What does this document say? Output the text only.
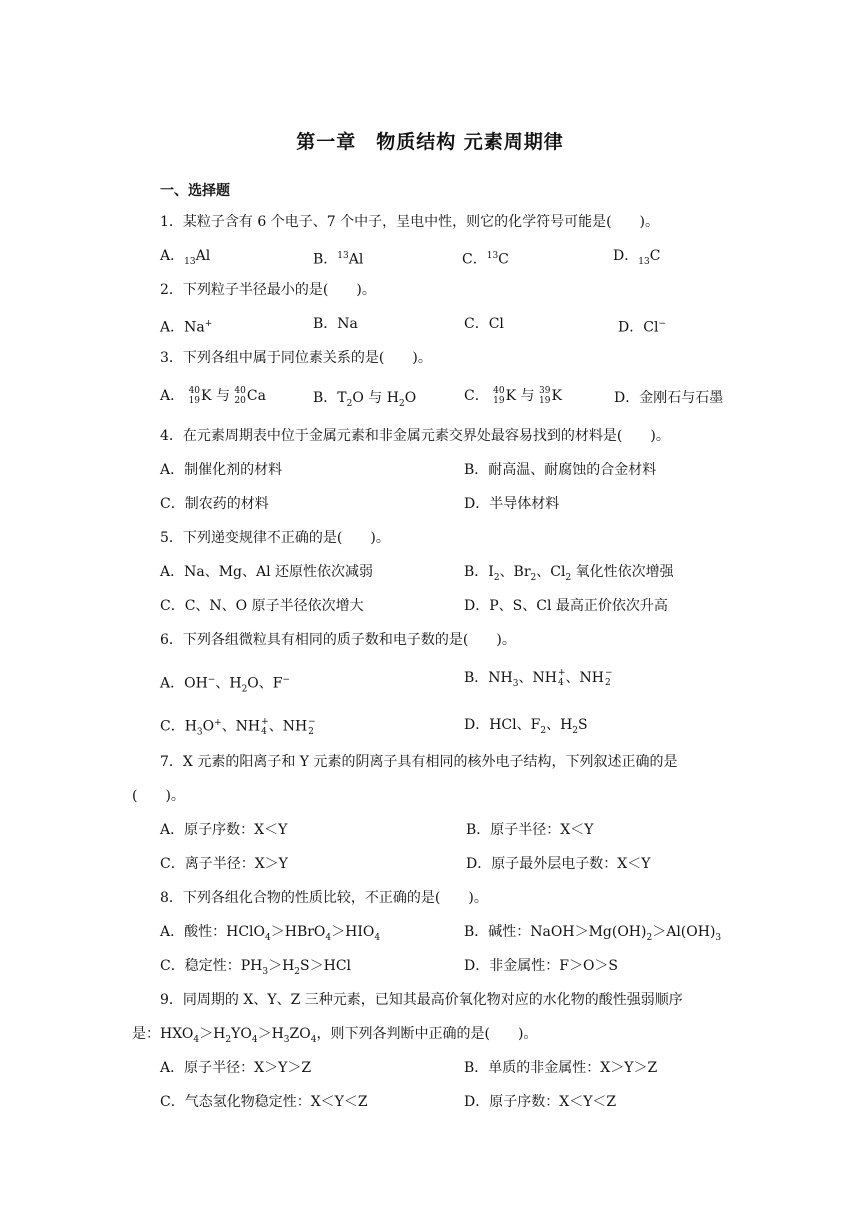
第一章　物质结构 元素周期律
一、选择题
1．某粒子含有 6 个电子、7 个中子，呈电中性，则它的化学符号可能是(　　)。
A．$_{13}$Al	B．$^{13}$Al	C．$^{13}$C	D．$_{13}$C
2．下列粒子半径最小的是(　　)。
A．Na+	B．Na	C．Cl	D．Cl−
3．下列各组中属于同位素关系的是(　　)。
A． 40
19 K 与 40
20 Ca	B．$T_2O$ 与 $H_2O$	C． 40
19 K 与 39
19 K	D．金刚石与石墨
4．在元素周期表中位于金属元素和非金属元素交界处最容易找到的材料是(　　)。
A．制催化剂的材料	B．耐高温、耐腐蚀的合金材料
C．制农药的材料	D．半导体材料
5．下列递变规律不正确的是(　　)。
A．Na、Mg、Al 还原性依次减弱	B．$I_2$、$Br_2$、$Cl_2$ 氧化性依次增强
C．C、N、O 原子半径依次增大	D．P、S、Cl 最高正价依次升高
6．下列各组微粒具有相同的质子数和电子数的是(　　)。
A．OH−、$H_2O$、F−	B．$NH_3$、NH +
4 、NH −
2
C．$H_3O^+$、NH +
4 、NH −
2	D．HCl、$F_2$、$H_2S$
7．X 元素的阳离子和 Y 元素的阴离子具有相同的核外电子结构，下列叙述正确的是
(　　)。
A．原子序数：X＜Y	B．原子半径：X＜Y
C．离子半径：X＞Y	D．原子最外层电子数：X＜Y
8．下列各组化合物的性质比较，不正确的是(　　)。
A．酸性：$HClO_4>HBrO_4>HIO_4$	B．碱性：$NaOH>Mg(OH)_2>Al(OH)_3$
C．稳定性：$PH_3>H_2S>HCl$	D．非金属性：F＞O＞S
9．同周期的 X、Y、Z 三种元素，已知其最高价氧化物对应的水化物的酸性强弱顺序
是：$HXO_4>H_2YO_4>H_3ZO_4$，则下列各判断中正确的是(　　)。
A．原子半径：X＞Y＞Z	B．单质的非金属性：X＞Y＞Z
C．气态氢化物稳定性：X＜Y＜Z	D．原子序数：X＜Y＜Z
